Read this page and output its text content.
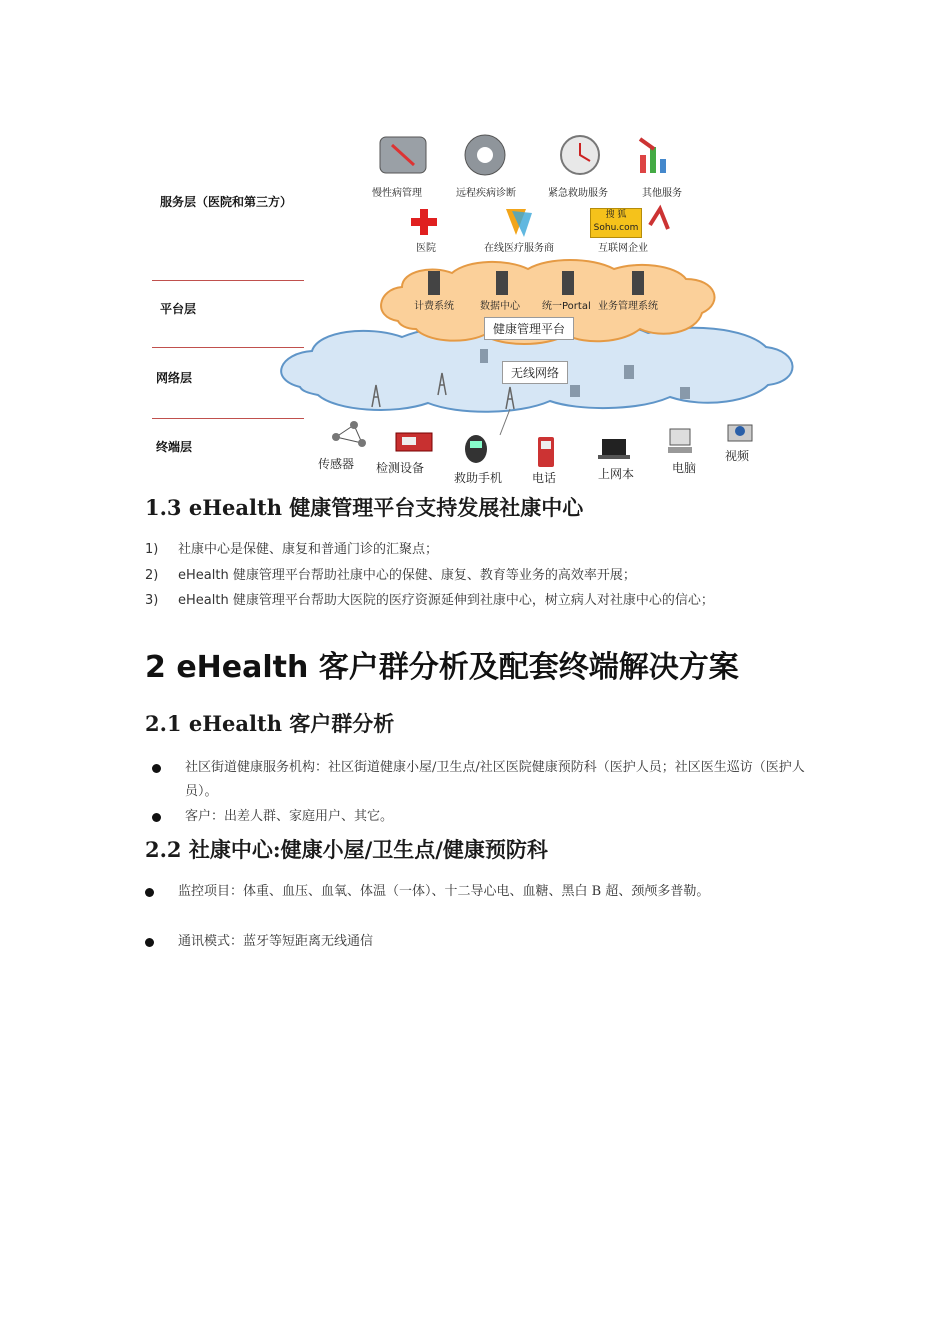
服务层（医院和第三方）
平台层
网络层
终端层
慢性病管理	远程疾病诊断	紧急救助服务	其他服务
医院	在线医疗服务商	互联网企业
搜 狐
Sohu.com
计费系统	数据中心 统一Portal 业务管理系统
健康管理平台
无线网络
传感器 检测设备
救助手机 电话	上网本	电脑
视频
1.3 eHealth 健康管理平台支持发展社康中心
1) 社康中心是保健、康复和普通门诊的汇聚点；
2) eHealth 健康管理平台帮助社康中心的保健、康复、教育等业务的高效率开展；
3) eHealth 健康管理平台帮助大医院的医疗资源延伸到社康中心，树立病人对社康中心的信心；
2 eHealth 客户群分析及配套终端解决方案
2.1 eHealth 客户群分析
社区街道健康服务机构：社区街道健康小屋/卫生点/社区医院健康预防科（医护人员；社区医生巡访（医护人员）。
客户：出差人群、家庭用户、其它。
2.2 社康中心:健康小屋/卫生点/健康预防科
监控项目：体重、血压、血氧、体温（一体）、十二导心电、血糖、黑白 B 超、颈颅多普勒。
通讯模式：蓝牙等短距离无线通信
